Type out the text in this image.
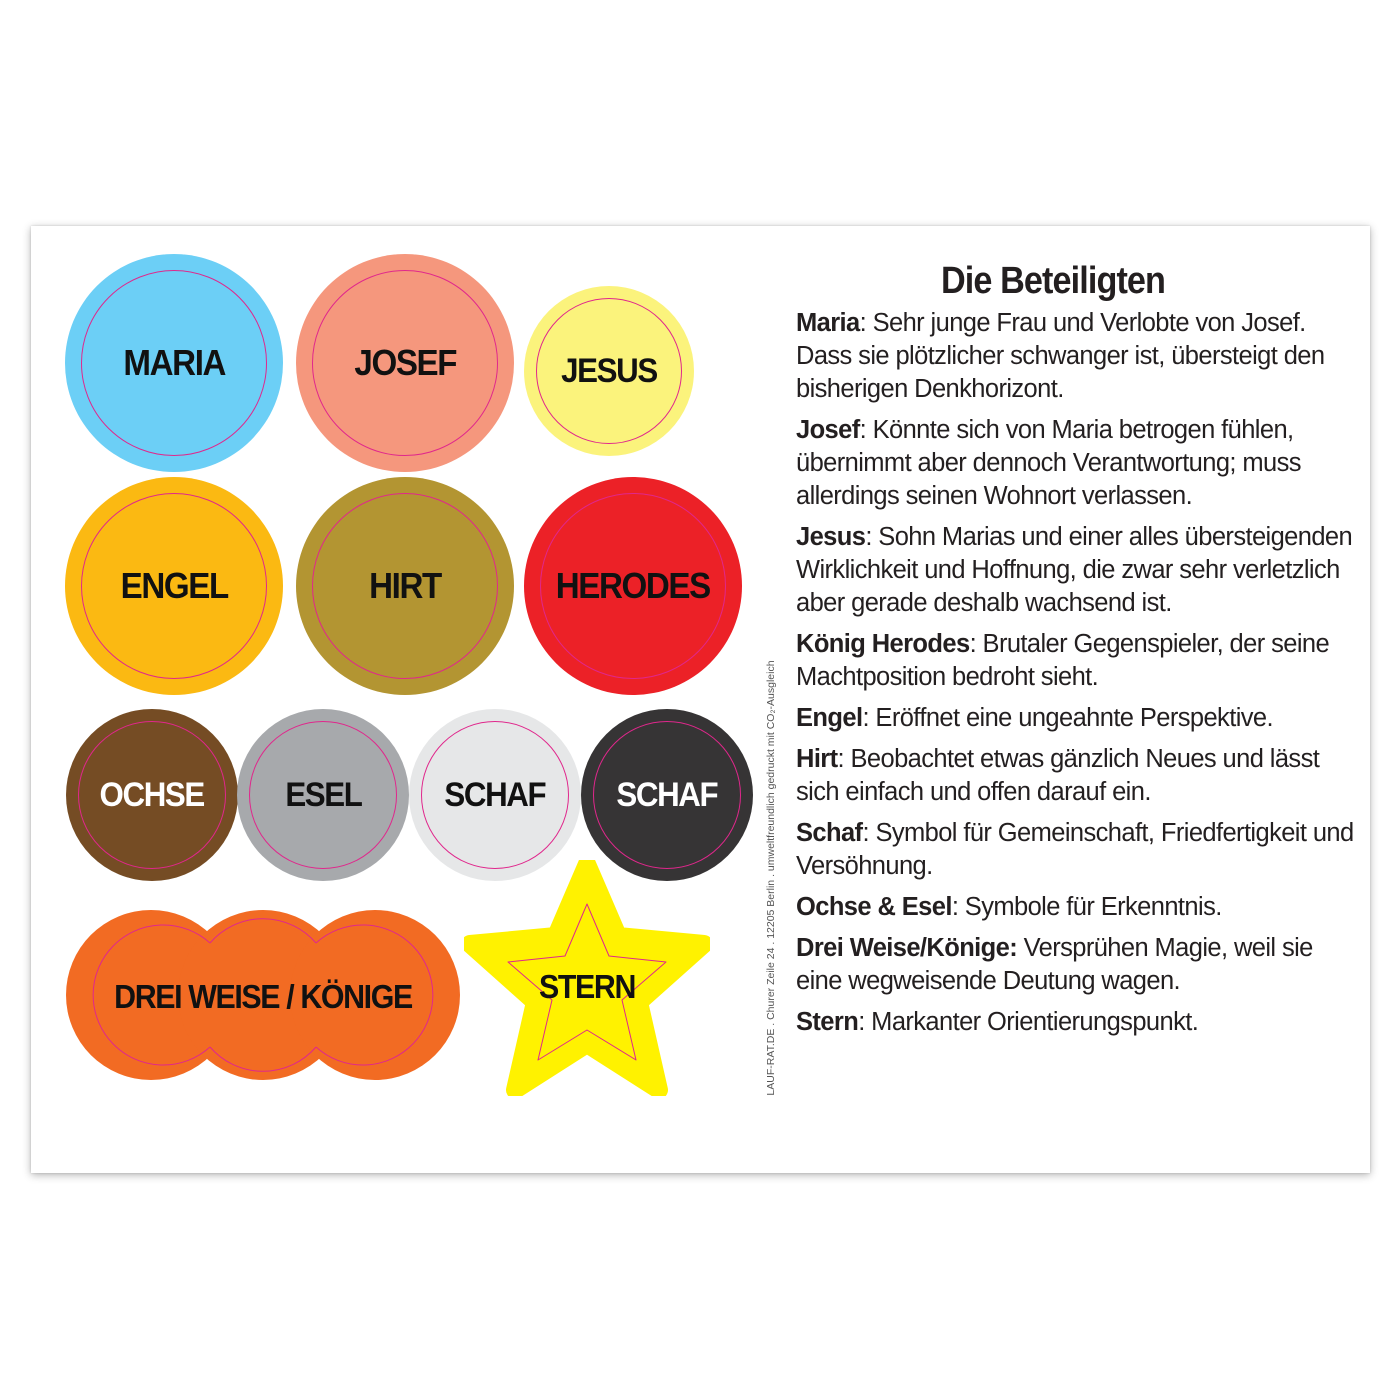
MARIA	JOSEF	JESUS
ENGEL	HIRT	HERODES
OCHSE ESEL SCHAF SCHAF
DREI WEISE / KÖNIGE	STERN	LAUF-RAT.DE . Churer Zeile 24 . 12205 Berlin . umweltfreundlich gedruckt mit CO₂-Ausgleich
Die Beteiligten
Maria: Sehr junge Frau und Verlobte von Josef. Dass sie plötzlicher schwanger ist, übersteigt den bisherigen Denkhorizont.
Josef: Könnte sich von Maria betrogen fühlen, übernimmt aber dennoch Verantwortung; muss allerdings seinen Wohnort verlassen.
Jesus: Sohn Marias und einer alles übersteigenden Wirklichkeit und Hoffnung, die zwar sehr verletzlich aber gerade deshalb wachsend ist.
König Herodes: Brutaler Gegenspieler, der seine Machtposition bedroht sieht.
Engel: Eröffnet eine ungeahnte Perspektive.
Hirt: Beobachtet etwas gänzlich Neues und lässt sich einfach und offen darauf ein.
Schaf: Symbol für Gemeinschaft, Friedfertigkeit und Versöhnung.
Ochse & Esel: Symbole für Erkenntnis.
Drei Weise/Könige: Versprühen Magie, weil sie eine wegweisende Deutung wagen.
Stern: Markanter Orientierungspunkt.
